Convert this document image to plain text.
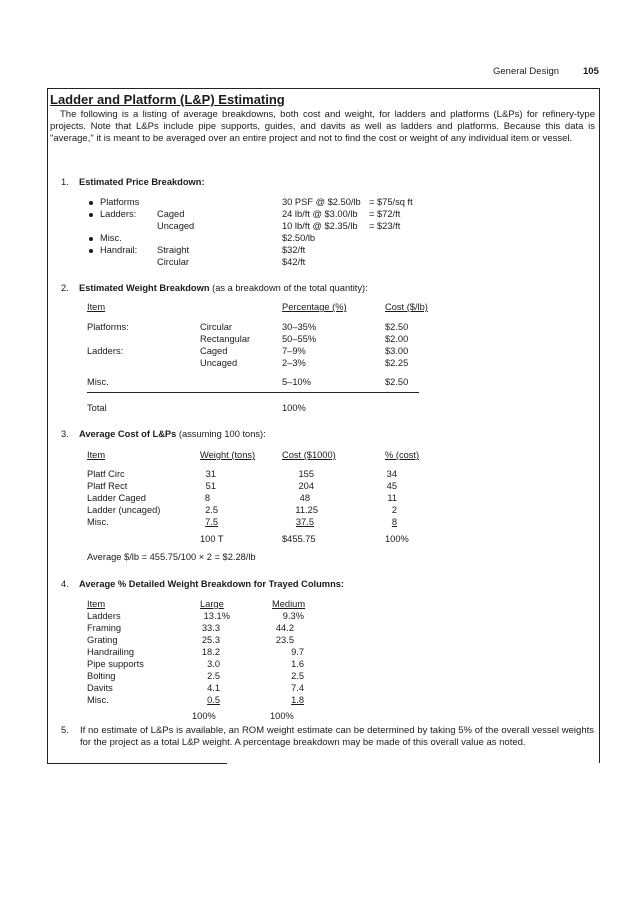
General Design	105
Ladder and Platform (L&P) Estimating
The following is a listing of average breakdowns, both cost and weight, for ladders and platforms (L&Ps) for refinery-type projects. Note that L&Ps include pipe supports, guides, and davits as well as ladders and platforms. Because this data is "average," it is meant to be averaged over an entire project and not to find the cost or weight of any individual item or vessel.
1. Estimated Price Breakdown:
Platforms	30 PSF @ $2.50/lb = $75/sq ft
Ladders: Caged	24 lb/ft @ $3.00/lb = $72/ft
Uncaged	10 lb/ft @ $2.35/lb = $23/ft
Misc.	$2.50/lb
Handrail: Straight	$32/ft
Circular	$42/ft
2. Estimated Weight Breakdown (as a breakdown of the total quantity):
Item	Percentage (%)	Cost ($/lb)
Platforms:	Circular	30–35%	$2.50
Rectangular	50–55%	$2.00
Ladders:	Caged	7–9%	$3.00
Uncaged	2–3%	$2.25
Misc.	5–10%	$2.50
Total	100%
3. Average Cost of L&Ps (assuming 100 tons):
Item	Weight (tons)	Cost ($1000)	% (cost)
Platf Circ	31	155	34
Platf Rect	51	204	45
Ladder Caged	8	48	11
Ladder (uncaged)	2.5	11.25	2
Misc.	7.5	37.5	8
100 T	$455.75	100%
Average $/lb = 455.75/100 × 2 = $2.28/lb
4. Average % Detailed Weight Breakdown for Trayed Columns:
Item	Large	Medium
Ladders	13.1%	9.3%
Framing	33.3	44.2
Grating	25.3	23.5
Handrailing	18.2	9.7
Pipe supports	3.0	1.6
Bolting	2.5	2.5
Davits	4.1	7.4
Misc.	0.5	1.8
100%	100%
5. If no estimate of L&Ps is available, an ROM weight estimate can be determined by taking 5% of the overall vessel weights for the project as a total L&P weight. A percentage breakdown may be made of this overall value as noted.
